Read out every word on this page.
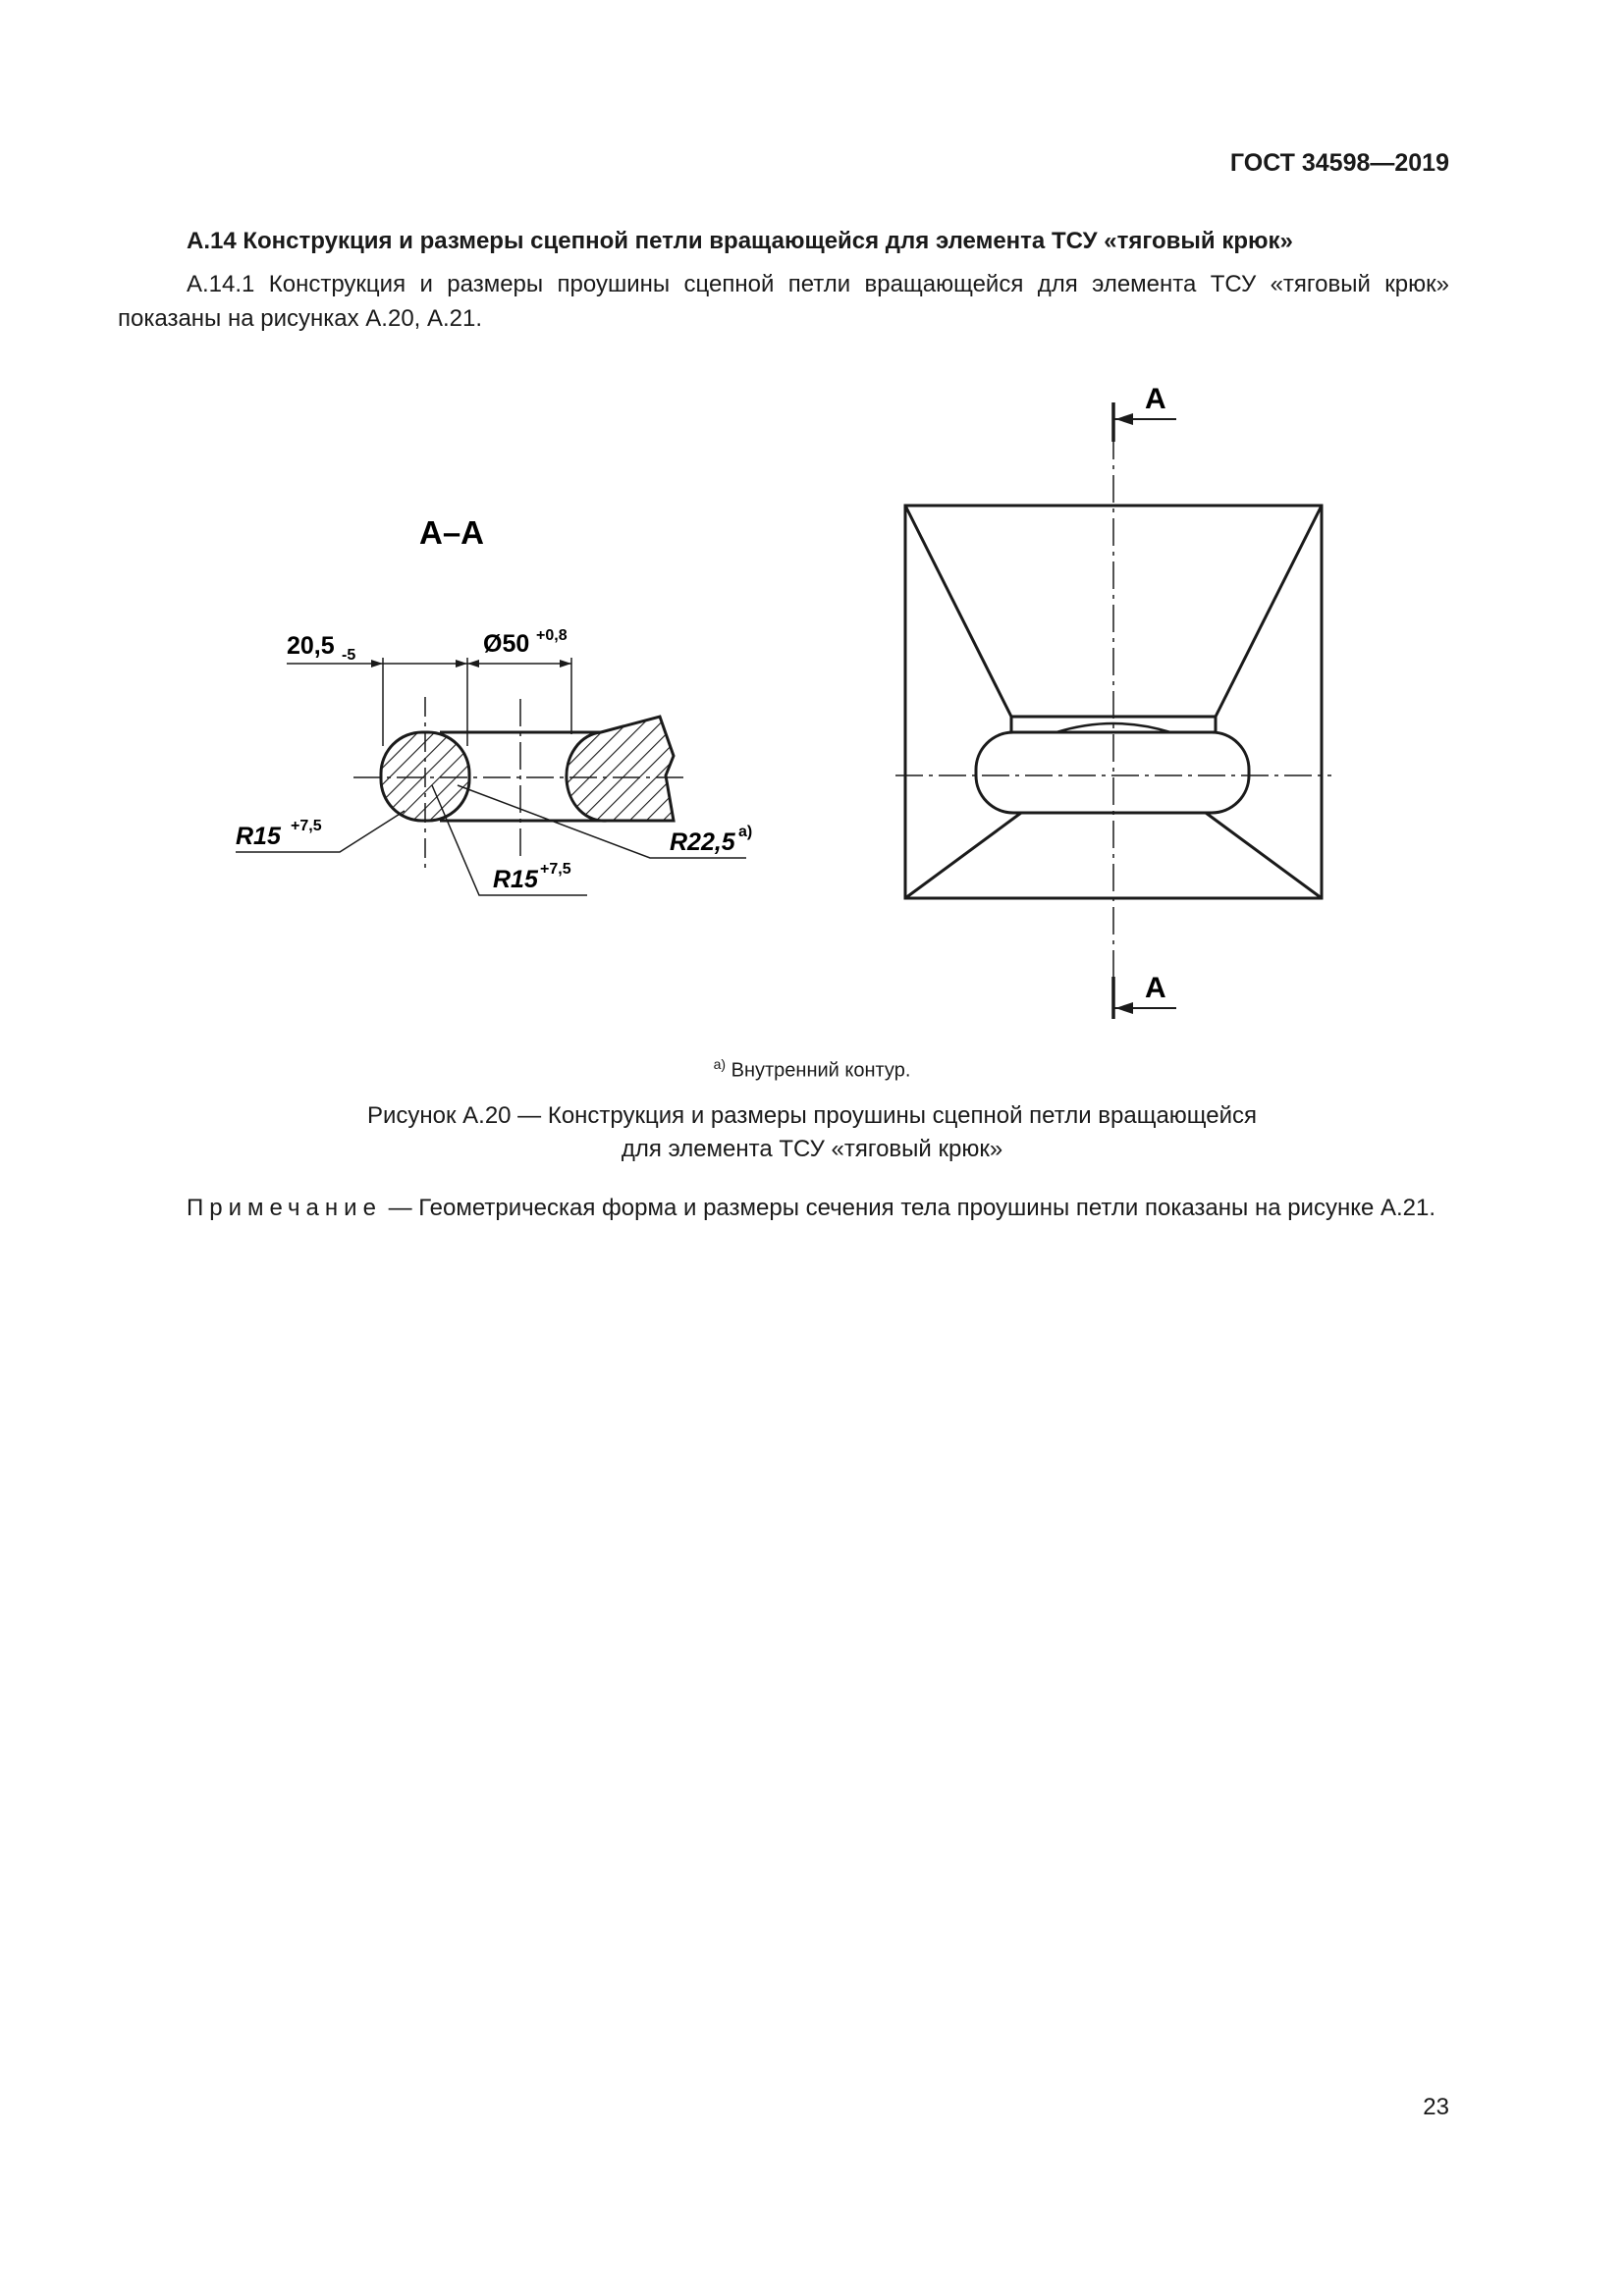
ГОСТ 34598—2019
А.14 Конструкция и размеры сцепной петли вращающейся для элемента ТСУ «тяговый крюк»
А.14.1 Конструкция и размеры проушины сцепной петли вращающейся для элемента ТСУ «тяговый крюк» показаны на рисунках А.20, А.21.
А–А
20,5 -5	Ø50 +0,8
R15 +7,5
R15 +7,5
R22,5 а)
А
А
$^{а)}$ Внутренний контур.
Рисунок А.20 — Конструкция и размеры проушины сцепной петли вращающейся
для элемента ТСУ «тяговый крюк»
Примечание — Геометрическая форма и размеры сечения тела проушины петли показаны на рисунке А.21.
23
